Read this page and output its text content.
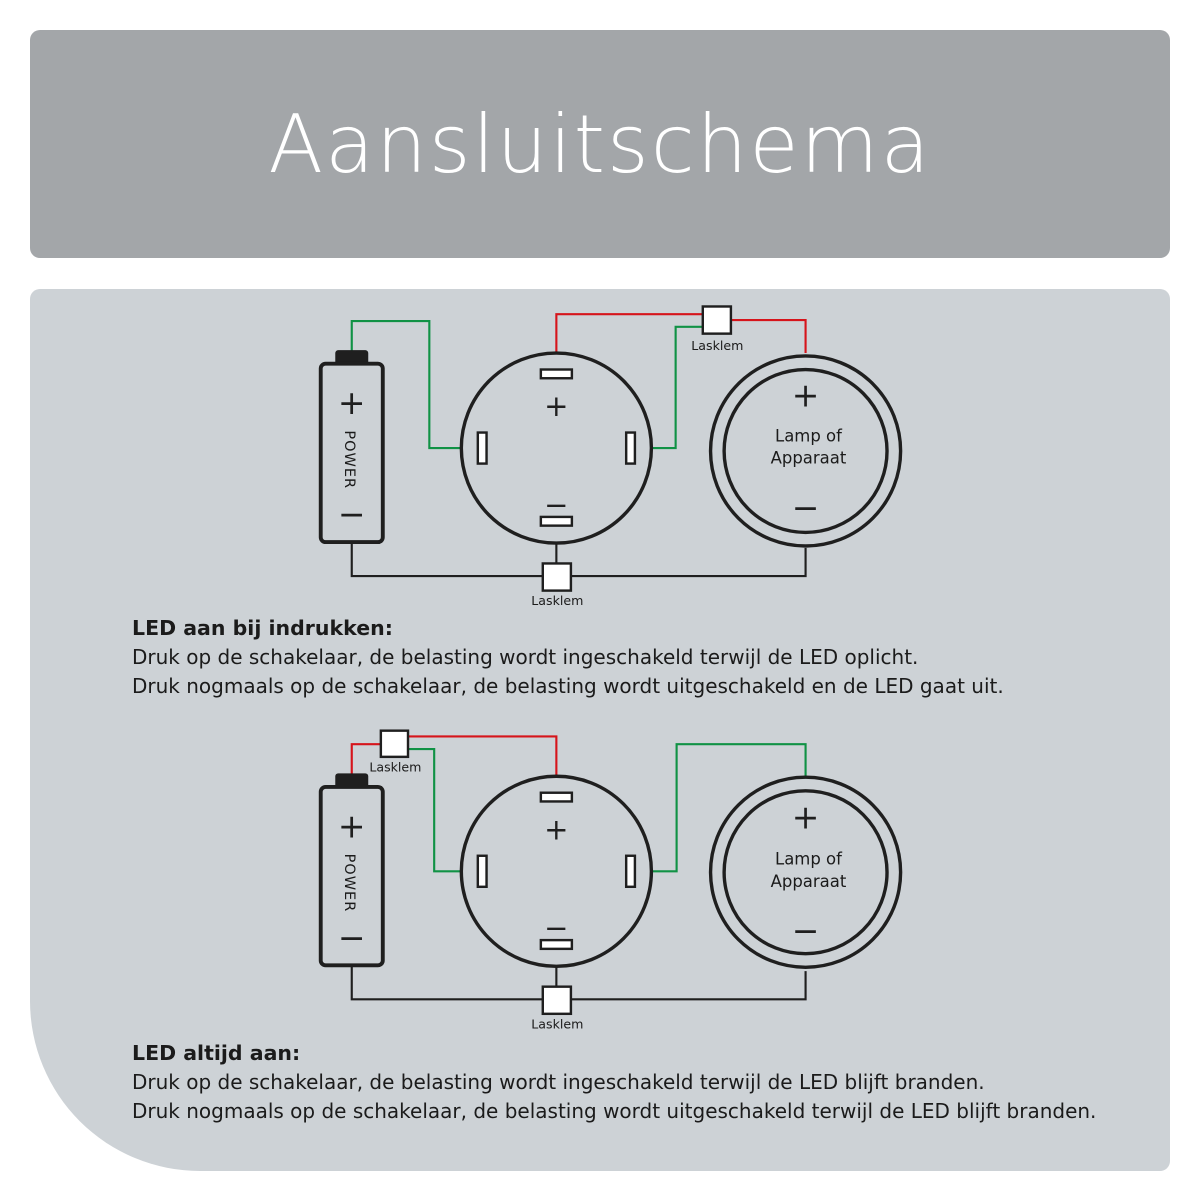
Aansluitschema
+
POWER
−
+
−
+
Lamp of
Apparaat
−
Lasklem
Lasklem
LED aan bij indrukken:

Druk op de schakelaar, de belasting wordt ingeschakeld terwijl de LED oplicht.

Druk nogmaals op de schakelaar, de belasting wordt uitgeschakeld en de LED gaat uit.

+
POWER
−
+
−
+
Lamp of
Apparaat
−
Lasklem
Lasklem
LED altijd aan:

Druk op de schakelaar, de belasting wordt ingeschakeld terwijl de LED blijft branden.

Druk nogmaals op de schakelaar, de belasting wordt uitgeschakeld terwijl de LED blijft branden.
